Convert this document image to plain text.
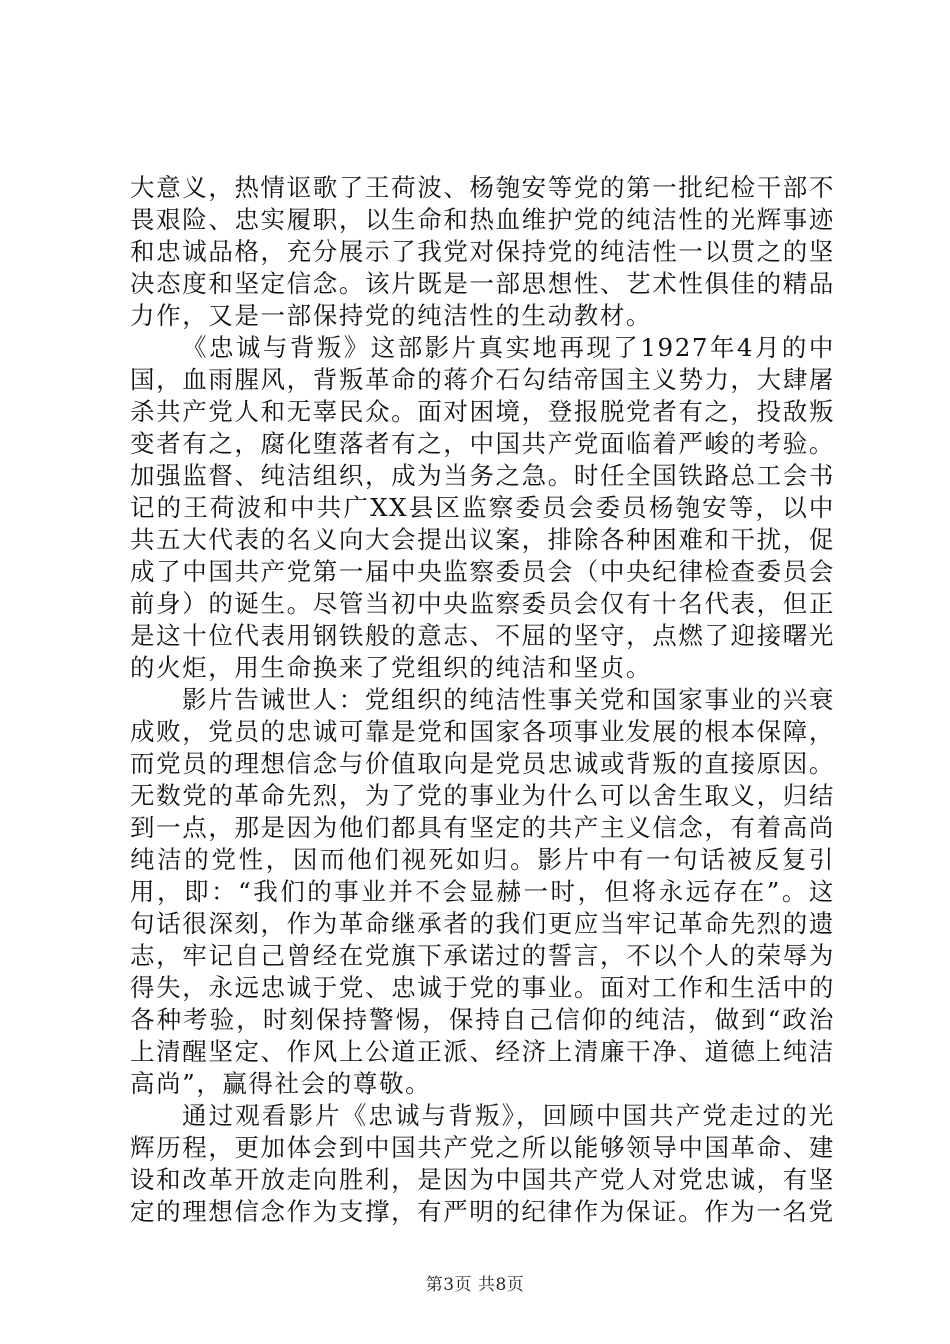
大意义，热情讴歌了王荷波、杨匏安等党的第一批纪检干部不畏艰险、忠实履职，以生命和热血维护党的纯洁性的光辉事迹和忠诚品格，充分展示了我党对保持党的纯洁性一以贯之的坚决态度和坚定信念。该片既是一部思想性、艺术性俱佳的精品力作，又是一部保持党的纯洁性的生动教材。

《忠诚与背叛》这部影片真实地再现了1927年4月的中国，血雨腥风，背叛革命的蒋介石勾结帝国主义势力，大肆屠杀共产党人和无辜民众。面对困境，登报脱党者有之，投敌叛变者有之，腐化堕落者有之，中国共产党面临着严峻的考验。加强监督、纯洁组织，成为当务之急。时任全国铁路总工会书记的王荷波和中共广XX县区监察委员会委员杨匏安等，以中共五大代表的名义向大会提出议案，排除各种困难和干扰，促成了中国共产党第一届中央监察委员会（中央纪律检查委员会前身）的诞生。尽管当初中央监察委员会仅有十名代表，但正是这十位代表用钢铁般的意志、不屈的坚守，点燃了迎接曙光的火炬，用生命换来了党组织的纯洁和坚贞。

影片告诫世人：党组织的纯洁性事关党和国家事业的兴衰成败，党员的忠诚可靠是党和国家各项事业发展的根本保障，而党员的理想信念与价值取向是党员忠诚或背叛的直接原因。无数党的革命先烈，为了党的事业为什么可以舍生取义，归结到一点，那是因为他们都具有坚定的共产主义信念，有着高尚纯洁的党性，因而他们视死如归。影片中有一句话被反复引用，即：“我们的事业并不会显赫一时，但将永远存在”。这句话很深刻，作为革命继承者的我们更应当牢记革命先烈的遗志，牢记自己曾经在党旗下承诺过的誓言，不以个人的荣辱为得失，永远忠诚于党、忠诚于党的事业。面对工作和生活中的各种考验，时刻保持警惕，保持自己信仰的纯洁，做到“政治上清醒坚定、作风上公道正派、经济上清廉干净、道德上纯洁高尚”，赢得社会的尊敬。

通过观看影片《忠诚与背叛》，回顾中国共产党走过的光辉历程，更加体会到中国共产党之所以能够领导中国革命、建设和改革开放走向胜利，是因为中国共产党人对党忠诚，有坚定的理想信念作为支撑，有严明的纪律作为保证。作为一名党

第3页 共8页
